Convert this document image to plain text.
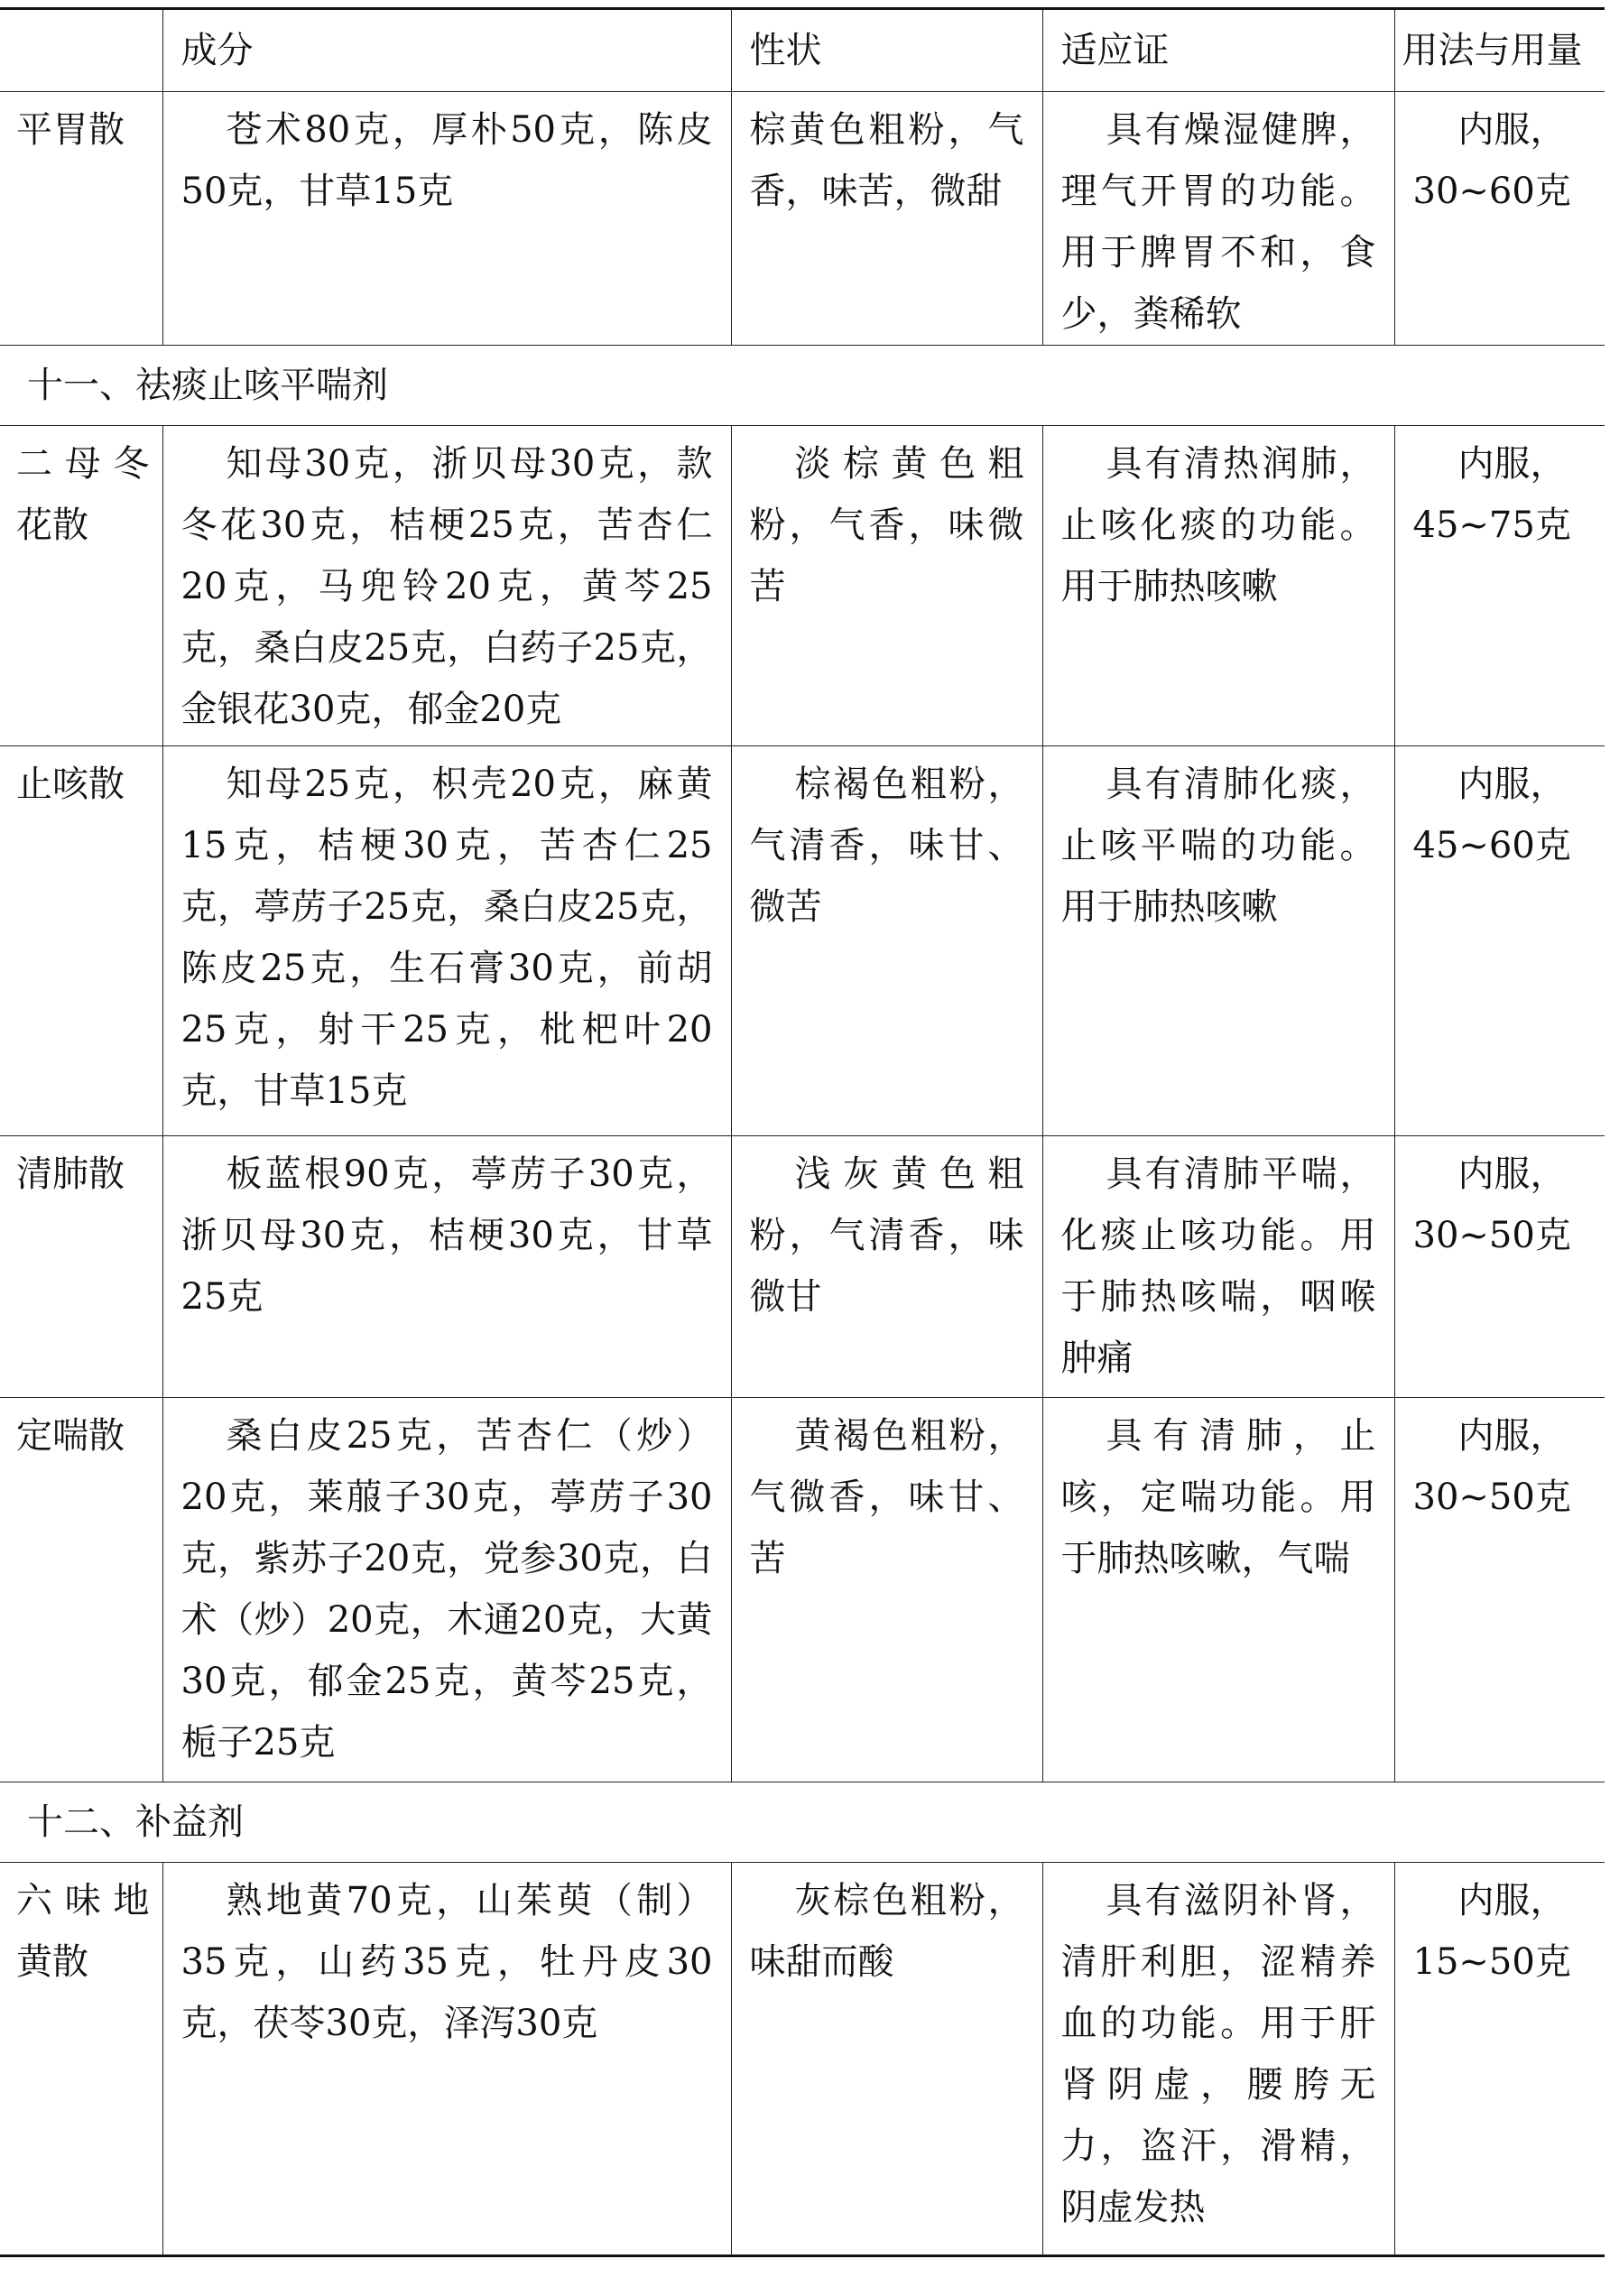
	成分	性状	适应证	用法与用量
平胃散	苍术80克，厚朴50克，陈皮50克，甘草15克	棕黄色粗粉，气香，味苦，微甜	具有燥湿健脾，理气开胃的功能。用于脾胃不和，食少，粪稀软	内服，
30~60克
十一、祛痰止咳平喘剂				
二母冬花散	知母30克，浙贝母30克，款冬花30克，桔梗25克，苦杏仁20克，马兜铃20克，黄芩25克，桑白皮25克，白药子25克，金银花30克，郁金20克	淡棕黄色粗粉，气香，味微苦	具有清热润肺，止咳化痰的功能。用于肺热咳嗽	内服，
45~75克
止咳散	知母25克，枳壳20克，麻黄15克，桔梗30克，苦杏仁25克，葶苈子25克，桑白皮25克，陈皮25克，生石膏30克，前胡25克，射干25克，枇杷叶20克，甘草15克	棕褐色粗粉，气清香，味甘、微苦	具有清肺化痰，止咳平喘的功能。用于肺热咳嗽	内服，
45~60克
清肺散	板蓝根90克，葶苈子30克，浙贝母30克，桔梗30克，甘草25克	浅灰黄色粗粉，气清香，味微甘	具有清肺平喘，化痰止咳功能。用于肺热咳喘，咽喉肿痛	内服，
30~50克
定喘散	桑白皮25克，苦杏仁（炒）20克，莱菔子30克，葶苈子30克，紫苏子20克，党参30克，白术（炒）20克，木通20克，大黄30克，郁金25克，黄芩25克，栀子25克	黄褐色粗粉，气微香，味甘、苦	具有清肺，止咳，定喘功能。用于肺热咳嗽，气喘	内服，
30~50克
十二、补益剂				
六味地黄散	熟地黄70克，山茱萸（制）35克，山药35克，牡丹皮30克，茯苓30克，泽泻30克	灰棕色粗粉，味甜而酸	具有滋阴补肾，清肝利胆，涩精养血的功能。用于肝肾阴虚，腰胯无力，盗汗，滑精，阴虚发热	内服，
15~50克
